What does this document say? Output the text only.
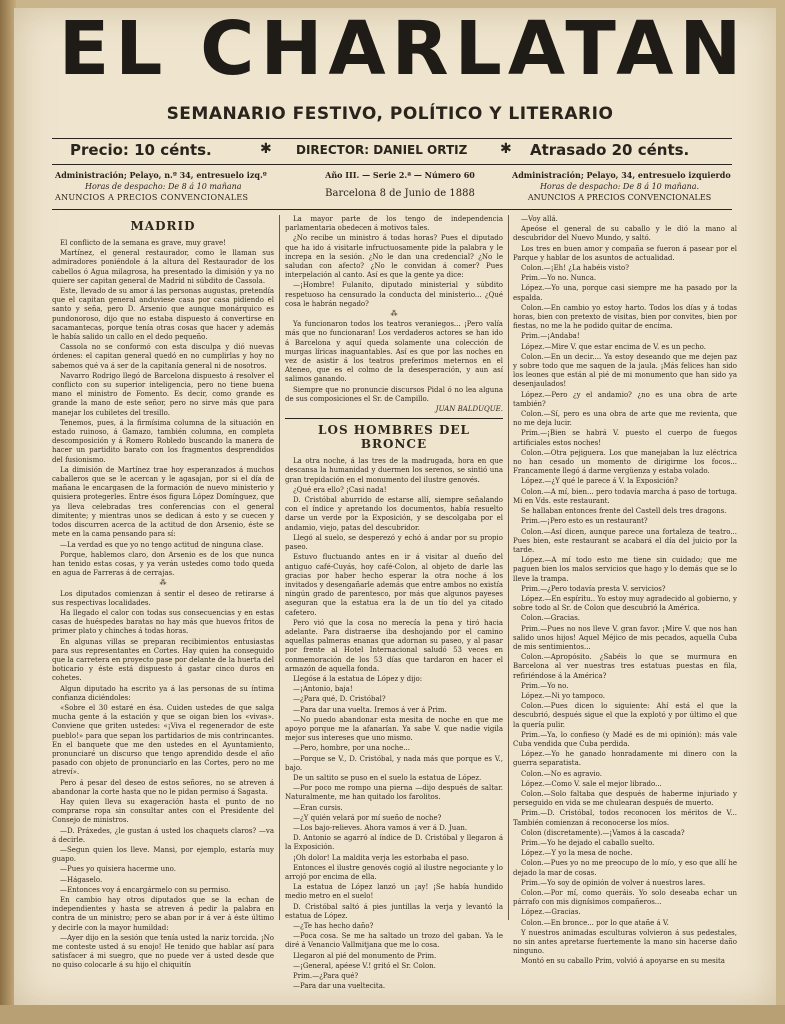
EL CHARLATAN
SEMANARIO FESTIVO, POLÍTICO Y LITERARIO
Precio: 10 cénts.	✱ DIRECTOR: DANIEL ORTIZ ✱ Atrasado 20 cénts.
Administración; Pelayo, n.º 34, entresuelo izq.º
Horas de despacho: De 8 á 10 mañana
ANUNCIOS A PRECIOS CONVENCIONALES
Año III. — Serie 2.ª — Número 60
Barcelona 8 de Junio de 1888
Administración; Pelayo, 34, entresuelo izquierdo
Horas de despacho: De 8 á 10 mañana.
ANUNCIOS A PRECIOS CONVENCIONALES
MADRID

El conflicto de la semana es grave, muy grave!

Martínez, el general restaurador, como le llaman sus admiradores poniéndole á la altura del Restaurador de los cabellos ó Agua milagrosa, ha presentado la dimisión y ya no quiere ser capitan general de Madrid ni súbdito de Cassola.

Este, llevado de su amor á las personas augustas, pretendía que el capitan general anduviese casa por casa pidiendo el santo y seña, pero D. Arsenio que aunque monárquico es pundonoroso, dijo que no estaba dispuesto á convertirse en sacamantecas, porque tenía otras cosas que hacer y además le había salido un callo en el dedo pequeño.

Cassola no se conformó con esta disculpa y dió nuevas órdenes: el capitan general quedó en no cumplirlas y hoy no sabemos qué va á ser de la capitanía general ni de nosotros.

Navarro Rodrigo llegó de Barcelona dispuesto á resolver el conflicto con su superior inteligencia, pero no tiene buena mano el ministro de Fomento. Es decir, como grande es grande la mano de este señor, pero no sirve más que para manejar los cubiletes del tresillo.

Tenemos, pues, á la firmísima columna de la situación en estado ruinoso, á Gamazo, también columna, en completa descomposición y á Romero Robledo buscando la manera de hacer un partidito barato con los fragmentos desprendidos del fusionismo.

La dimisión de Martínez trae hoy esperanzados á muchos caballeros que se le acercan y le agasajan, por si el día de mañana le encargasen de la formación de nuevo ministerio y quisiera protegerles. Entre ésos figura López Domínguez, que ya lleva celebradas tres conferencias con el general dimitente; y mientras unos se dedican á esto y se cuecen y todos discurren acerca de la actitud de don Arsenio, éste se mete en la cama pensando para sí:

—La verdad es que yo no tengo actitud de ninguna clase.

Porque, hablemos claro, don Arsenio es de los que nunca han tenido estas cosas, y ya verán ustedes como todo queda en agua de Farreras á de cerrajas.

⁂

Los diputados comienzan á sentir el deseo de retirarse á sus respectivas localidades.

Ha llegado el calor con todas sus consecuencias y en estas casas de huéspedes baratas no hay más que huevos fritos de primer plato y chinches á todas horas.

En algunas villas se preparan recibimientos entusiastas para sus representantes en Cortes. Hay quien ha conseguido que la carretera en proyecto pase por delante de la huerta del boticario y éste está dispuesto á gastar cinco duros en cohetes.

Algun diputado ha escrito ya á las personas de su íntima confianza diciéndoles:

«Sobre el 30 estaré en ésa. Cuiden ustedes de que salga mucha gente á la estación y que se oigan bien los «vivas». Conviene que griten ustedes: «¡Viva el regenerador de este pueblo!» para que sepan los partidarios de mis contrincantes. En el banquete que me den ustedes en el Ayuntamiento, pronunciaré un discurso que tengo aprendido desde el año pasado con objeto de pronunciarlo en las Cortes, pero no me atreví».

Pero á pesar del deseo de estos señores, no se atreven á abandonar la corte hasta que no le pidan permiso á Sagasta.

Hay quien lleva su exageración hasta el punto de no comprarse ropa sin consultar antes con el Presidente del Consejo de ministros.

—D. Práxedes, ¿le gustan á usted los chaquets claros? —va á decirle.

—Segun quien los lleve. Mansi, por ejemplo, estaría muy guapo.

—Pues yo quisiera hacerme uno.

—Hágaselo.

—Entonces voy á encargármelo con su permiso.

En cambio hay otros diputados que se la echan de independientes y hasta se atreven á pedir la palabra en contra de un ministro; pero se aban por ir á ver á éste último y decirle con la mayor humildad:

—Ayer dijo en la sesión que tenía usted la nariz torcida. ¡No me conteste usted á su enojo! He tenido que hablar así para satisfacer á mi suegro, que no puede ver á usted desde que no quiso colocarle á su hijo el chiquitín

La mayor parte de los tengo de independencia parlamentaria obedecen á motivos tales.

¿No recibe un ministro á todas horas? Pues el diputado que ha ido á visitarle infructuosamente pide la palabra y le increpa en la sesión. ¿No le dan una credencial? ¿No le saludan con afecto? ¿No le convidan á comer? Pues interpelación al canto. Así es que la gente ya dice:

—¡Hombre! Fulanito, diputado ministerial y súbdito respetuoso ha censurado la conducta del ministerio... ¿Qué cosa le habrán negado?

⁂

Ya funcionaron todos los teatros veraniegos... ¡Pero valía más que no funcionaran! Los verdaderos actores se han ido á Barcelona y aquí queda solamente una colección de murgas líricas inaguantables. Así es que por las noches en vez de asistir á los teatros preferimos meternos en el Ateneo, que es el colmo de la desesperación, y aun así salimos ganando.

Siempre que no pronuncie discursos Pidal ó no lea alguna de sus composiciones el Sr. de Campillo.

JUAN BALDUQUE.

LOS HOMBRES DEL BRONCE

La otra noche, á las tres de la madrugada, hora en que descansa la humanidad y duermen los serenos, se sintió una gran trepidación en el monumento del ilustre genovés.

¿Qué era ello? ¡Casi nada!

D. Cristóbal aburrido de estarse allí, siempre señalando con el índice y apretando los documentos, había resuelto darse un verde por la Exposición, y se descolgaba por el andamio, viejo, patas del descubridor.

Llegó al suelo, se desperezó y echó á andar por su propio paseo.

Estuvo fluctuando antes en ir á visitar al dueño del antiguo café-Cuyás, hoy café-Colon, al objeto de darle las gracias por haber hecho esperar la otra noche á los invitados y desengañarle además que entre ambos no existía ningún grado de parentesco, por más que algunos payeses aseguran que la estatua era la de un tío del ya citado cafetero.

Pero vió que la cosa no merecía la pena y tiró hacia adelante. Para distraerse iba deshojando por el camino aquellas palmeras enanas que adornan su paseo, y al pasar por frente al Hotel Internacional saludó 53 veces en conmemoración de los 53 días que tardaron en hacer el armazón de aquella fonda.

Llegóse á la estatua de López y dijo:

—¡Antonio, baja!

—¿Para qué, D. Cristóbal?

—Para dar una vuelta. Iremos á ver á Prim.

—No puedo abandonar esta mesita de noche en que me apoyo porque me la afanarían. Ya sabe V. que nadie vigila mejor sus intereses que uno mismo.

—Pero, hombre, por una noche...

—Porque se V., D. Cristóbal, y nada más que porque es V., bajo.

De un saltito se puso en el suelo la estatua de López.

—Por poco me rompo una pierna —dijo después de saltar. Naturalmente, me han quitado los farolitos.

—Eran cursis.

—¿Y quién velará por mí sueño de noche?

—Los bajo-relieves. Ahora vamos á ver á D. Juan.

D. Antonio se agarró al índice de D. Cristóbal y llegaron á la Exposición.

¡Oh dolor! La maldita verja les estorbaba el paso.

Entonces el ilustre genovés cogió al ilustre negociante y lo arrojó por encima de ella.

La estatua de López lanzó un ¡ay! ¡Se había hundido medio metro en el suelo!

D. Cristóbal saltó á pies juntillas la verja y levantó la estatua de López.

—¿Te has hecho daño?

—Poca cosa. Se me ha saltado un trozo del gaban. Ya le diré á Venancio Vallmitjana que me lo cosa.

Llegaron al pié del monumento de Prim.

—¡General, apéese V.! gritó el Sr. Colon.

Prim.—¿Para qué?

—Para dar una vueltecita.

—Voy allá.

Apeóse el general de su caballo y le dió la mano al descubridor del Nuevo Mundo, y saltó.

Los tres en buen amor y compaña se fueron á pasear por el Parque y hablar de los asuntos de actualidad.

Colon.—¡Eh! ¿La habéis visto?

Prim.—Yo no. Nunca.

López.—Yo una, porque casi siempre me ha pasado por la espalda.

Colon.—En cambio yo estoy harto. Todos los días y á todas horas, bien con pretexto de visitas, bien por convites, bien por fiestas, no me la he podido quitar de encima.

Prim.—¡Andaba!

López.—Mire V. que estar encima de V. es un pecho.

Colon.—En un decir.... Ya estoy deseando que me dejen paz y sobre todo que me saquen de la jaula. ¡Más felices han sido los leones que están al pié de mi monumento que han sido ya desenjaulados!

López.—Pero ¿y el andamio? ¿no es una obra de arte también?

Colon.—Sí, pero es una obra de arte que me revienta, que no me deja lucir.

Prim.—¡Bien se habrá V. puesto el cuerpo de fuegos artificiales estos noches!

Colon.—Otra pejiguera. Los que manejaban la luz eléctrica no han cesado un momento de dirigirme los focos... Francamente llegó á darme vergüenza y estaba volado.

López.—¿Y qué le parece á V. la Exposición?

Colon.—A mí, bien... pero todavía marcha á paso de tortuga. Mi en Vds. este restaurant.

Se hallaban entonces frente del Castell dels tres dragons.

Prim.—¡Pero esto es un restaurant?

Colon.—Así dicen, aunque parece una fortaleza de teatro... Pues bien, este restaurant se acabará el día del juicio por la tarde.

López.—A mí todo esto me tiene sin cuidado; que me paguen bien los malos servicios que hago y lo demás que se lo lleve la trampa.

Prim.—¿Pero todavía presta V. servicios?

López.—En espíritu.. Yo estoy muy agradecido al gobierno, y sobre todo al Sr. de Colon que descubrió la América.

Colon.—Gracias.

Prim.—Pues no nos lleve V. gran favor. ¡Mire V. que nos han salido unos hijos! Aquel Méjico de mis pecados, aquella Cuba de mis sentimientos...

Colon.—Apropósito. ¿Sabéis lo que se murmura en Barcelona al ver nuestras tres estatuas puestas en fila, refiriéndose á la América?

Prim.—Yo no.

López.—Ni yo tampoco.

Colon.—Pues dicen lo siguiente: Ahí está el que la descubrió, después sigue el que la explotó y por último el que la quería pulir.

Prim.—Ya, lo confieso (y Madé es de mi opinión): más vale Cuba vendida que Cuba perdida.

López.—Yo he ganado honradamente mi dinero con la guerra separatista.

Colon.—No es agravio.

López.—Como V. sale el mejor librado...

Colon.—Solo faltaba que después de haberme injuriado y perseguido en vida se me chulearan después de muerto.

Prim.—D. Cristóbal, todos reconocen los méritos de V... También comienzan á reconocerse los míos.

Colon (discretamente).—¡Vamos á la cascada?

Prim.—Yo he dejado el caballo suelto.

López.—Y yo la mesa de noche.

Colon.—Pues yo no me preocupo de lo mío, y eso que allí he dejado la mar de cosas.

Prim.—Yo soy de opinión de volver á nuestros lares.

Colon.—Por mí, como queráis. Yo solo deseaba echar un párrafo con mis dignísimos compañeros...

López.—Gracias.

Colon.—En bronce... por lo que atañe á V.

Y nuestros animadas esculturas volvieron á sus pedestales, no sin antes apretarse fuertemente la mano sin hacerse daño ninguno.

Montó en su caballo Prim, volvió á apoyarse en su mesita
